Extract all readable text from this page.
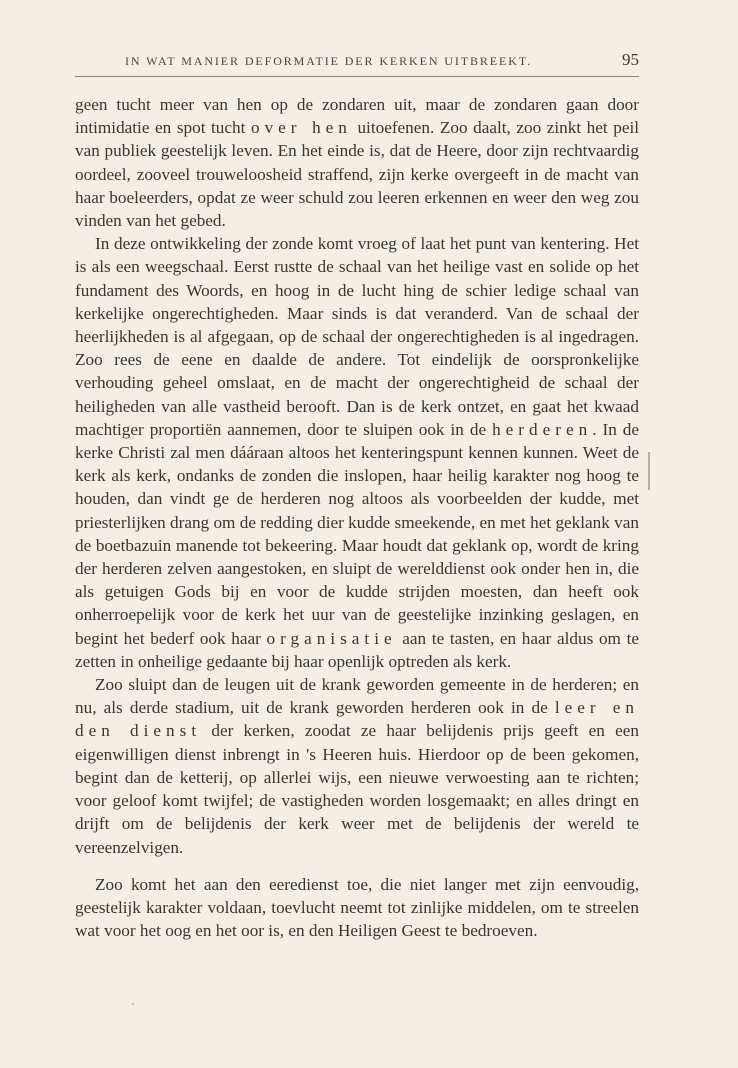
IN WAT MANIER DEFORMATIE DER KERKEN UITBREEKT.	95

geen tucht meer van hen op de zondaren uit, maar de zondaren gaan door intimidatie en spot tucht over hen uitoefenen. Zoo daalt, zoo zinkt het peil van publiek geestelijk leven. En het einde is, dat de Heere, door zijn rechtvaardig oordeel, zooveel trouweloosheid straffend, zijn kerke overgeeft in de macht van haar boeleerders, opdat ze weer schuld zou leeren erkennen en weer den weg zou vinden van het gebed.

In deze ontwikkeling der zonde komt vroeg of laat het punt van kentering. Het is als een weegschaal. Eerst rustte de schaal van het heilige vast en solide op het fundament des Woords, en hoog in de lucht hing de schier ledige schaal van kerkelijke ongerechtigheden. Maar sinds is dat veranderd. Van de schaal der heerlijkheden is al afgegaan, op de schaal der ongerechtigheden is al ingedragen. Zoo rees de eene en daalde de andere. Tot eindelijk de oorspronkelijke verhouding geheel omslaat, en de macht der ongerechtigheid de schaal der heiligheden van alle vastheid berooft. Dan is de kerk ontzet, en gaat het kwaad machtiger proportiën aannemen, door te sluipen ook in de herderen. In de kerke Christi zal men dááraan altoos het kenteringspunt kennen kunnen. Weet de kerk als kerk, ondanks de zonden die inslopen, haar heilig karakter nog hoog te houden, dan vindt ge de herderen nog altoos als voorbeelden der kudde, met priesterlijken drang om de redding dier kudde smeekende, en met het geklank van de boetbazuin manende tot bekeering. Maar houdt dat geklank op, wordt de kring der herderen zelven aangestoken, en sluipt de werelddienst ook onder hen in, die als getuigen Gods bij en voor de kudde strijden moesten, dan heeft ook onherroepelijk voor de kerk het uur van de geestelijke inzinking geslagen, en begint het bederf ook haar organisatie aan te tasten, en haar aldus om te zetten in onheilige gedaante bij haar openlijk optreden als kerk.

Zoo sluipt dan de leugen uit de krank geworden gemeente in de herderen; en nu, als derde stadium, uit de krank geworden herderen ook in de leer en den dienst der kerken, zoodat ze haar belijdenis prijs geeft en een eigenwilligen dienst inbrengt in 's Heeren huis. Hierdoor op de been gekomen, begint dan de ketterij, op allerlei wijs, een nieuwe verwoesting aan te richten; voor geloof komt twijfel; de vastigheden worden losgemaakt; en alles dringt en drijft om de belijdenis der kerk weer met de belijdenis der wereld te vereenzelvigen.

Zoo komt het aan den eeredienst toe, die niet langer met zijn eenvoudig, geestelijk karakter voldaan, toevlucht neemt tot zinlijke middelen, om te streelen wat voor het oog en het oor is, en den Heiligen Geest te bedroeven.
